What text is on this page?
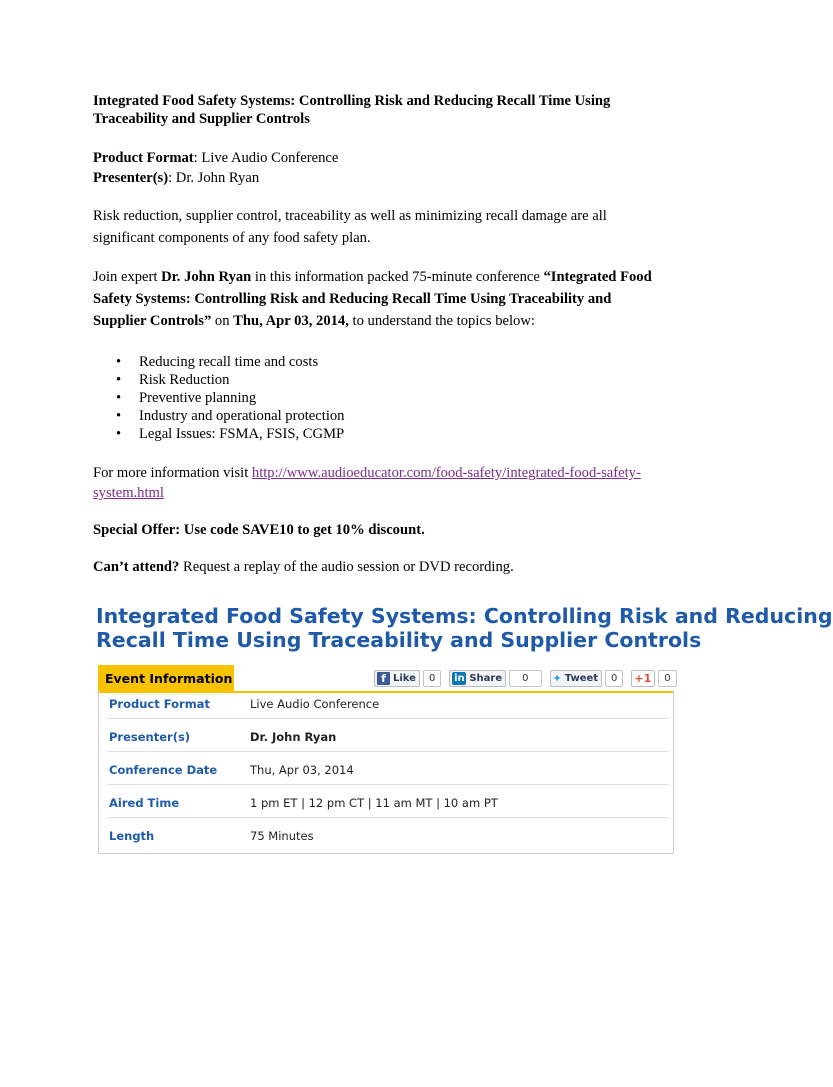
Integrated Food Safety Systems: Controlling Risk and Reducing Recall Time Using Traceability and Supplier Controls

Product Format: Live Audio Conference

Presenter(s): Dr. John Ryan

Risk reduction, supplier control, traceability as well as minimizing recall damage are all significant components of any food safety plan.

Join expert Dr. John Ryan in this information packed 75-minute conference “Integrated Food Safety Systems: Controlling Risk and Reducing Recall Time Using Traceability and Supplier Controls” on Thu, Apr 03, 2014, to understand the topics below:

• Reducing recall time and costs
• Risk Reduction
• Preventive planning
• Industry and operational protection
• Legal Issues: FSMA, FSIS, CGMP

For more information visit http://www.audioeducator.com/food-safety/integrated-food-safety-system.html

Special Offer: Use code SAVE10 to get 10% discount.

Can’t attend? Request a replay of the audio session or DVD recording.

Integrated Food Safety Systems: Controlling Risk and Reducing
Recall Time Using Traceability and Supplier Controls
Event Information	f Like	0	in Share	0	✦ Tweet	0	+1	0
Product Format	Live Audio Conference
Presenter(s)	Dr. John Ryan
Conference Date	Thu, Apr 03, 2014
Aired Time	1 pm ET | 12 pm CT | 11 am MT | 10 am PT
Length	75 Minutes
